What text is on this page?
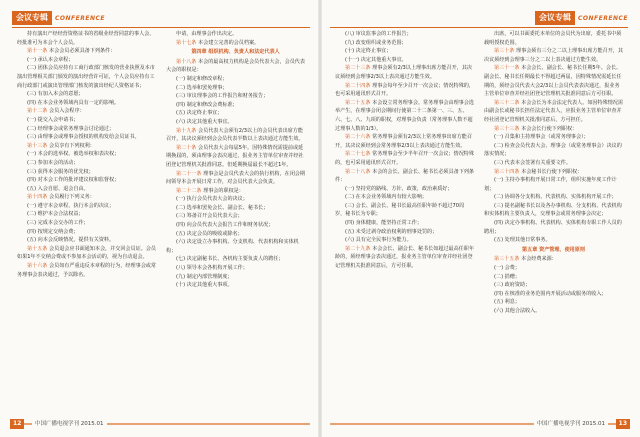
会议专辑	CONFERENCE

持有演出产经经营资格证书的省级业经营同意的事人会、经批准可为本会个人会员。

第十一条 本会会员必须具备下列条件：

(一) 承认本会章程；

(二) 团体会员应持有工商行政部门核发的营业执照及本市演出管理相关部门颁发的演出经营许可证，个人会员应持有工商行政部门或演出管理部门核发的演出经纪人资格证书；

(三) 有加入本会的意愿；

(四) 在本会业务领域内具有一定的影响。

第十二条 会员入会程序：

(一) 提交入会申请书；

(二) 经理事会或常务理事会讨论通过；

(三) 由理事会或理事会授权的机构发给会员证书。

第十三条 会员享有下列权利：

(一) 本会的选举权、被选举权和表决权；

(二) 参加本会的活动；

(三) 获得本会服务的优先权；

(四) 对本会工作的批评建议权和监督权；

(五) 入会自愿、退会自由。

第十四条 会员履行下列义务：

(一) 遵守本会章程，执行本会的决议；

(二) 维护本会合法权益；

(三) 完成本会交办的工作；

(四) 按规定交纳会费；

(五) 向本会反映情况，提供有关资料。

第十五条 会员退会应书面通知本会，并交回会员证。会员如果1年不交纳会费或不参加本会活动的，视为自动退会。

第十六条 会员如有严重违反本章程的行为，经理事会或常务理事会表决通过，予以除名。

申请，由理事会作出决定。

第十七条 本会建立完善的会员档案。

第四章 组织机构、负责人和法定代表人

第十八条 本会的最高权力机构是会员代表大会，会员代表大会的职权是：

(一) 制定和修改章程；

(二) 选举和罢免理事；

(三) 审议理事会的工作报告和财务报告；

(四) 制定和修改会费标准；

(五) 决定终止事宜；

(六) 决定其他重大事宜。

第十九条 会员代表大会须有2/3以上的会员代表出席方能召开，其决议须经到会会员代表半数以上表决通过方能生效。

第二十条 会员代表大会每届5年。因特殊情况需提前或延期换届的，须由理事会表决通过，报业务主管单位审查并经社团登记管理机关批准同意。但延期换届最长不超过1年。

第二十一条 理事会是会员代表大会的执行机构，在闭会期间领导本会开展日常工作，对会员代表大会负责。

第二十二条 理事会的职权是：

(一) 执行会员代表大会的决议；

(二) 选举和罢免会长、副会长、秘书长；

(三) 筹备召开会员代表大会；

(四) 向会员代表大会报告工作和财务状况；

(五) 决定会员的吸收或除名；

(六) 决定设立办事机构、分支机构、代表机构和实体机构；

(七) 决定副秘书长、各机构主要负责人的聘任；

(八) 领导本会各机构开展工作；

(九) 制定内部管理制度；

(十) 决定其他重大事项。

12	中国广播电视学刊 2015.01
会议专辑	CONFERENCE

(八) 审议监事会的工作报告；

(九) 改变组织或业务范围；

(十) 决定终止事宜；

(十一) 决定其他重大事宜。

第二十三条 理事会须有2/3以上理事出席方能召开，其决议须经到会理事2/3以上表决通过方能生效。

第二十四条 理事会每年至少召开一次会议；情况特殊的，也可采用通讯形式召开。

第二十五条 本会设立常务理事会。常务理事会由理事会选举产生，在理事会闭会期间行使第二十二条第一、三、五、六、七、八、九项的职权，对理事会负责（常务理事人数不超过理事人数的1/3）。

第二十六条 常务理事会须有2/3以上常务理事出席方能召开，其决议须经到会常务理事2/3以上表决通过方能生效。

第二十七条 常务理事会至少半年召开一次会议；情况特殊的，也可采用通讯形式召开。

第二十八条 本会的会长、副会长、秘书长必须具备下列条件：

(一) 坚持党的路线、方针、政策，政治素质好；

(二) 在本会业务领域内有较大影响；

(三) 会长、副会长、秘书长最高任职年龄不超过70周岁，秘书长为专职；

(四) 身体健康，能坚持正常工作；

(五) 未受过剥夺政治权利的刑事处罚的；

(六) 具有完全民事行为能力。

第二十九条 本会会长、副会长、秘书长如超过最高任职年龄的，须经理事会表决通过，报业务主管单位审查并经社团登记管理机关批准同意后，方可任职。

出席，可以书面委托本单位的会员代为出席，委托书中须载明授权范围。

第三十条 理事会须有三分之二以上理事出席方能召开，其决议须经到会理事三分之二以上表决通过方能生效。

第三十一条 本会会长、副会长、秘书长任期5年。会长、副会长、秘书长任期最长不得超过两届，因特殊情况需延长任期的，须经会员代表大会2/3以上会员代表表决通过，报业务主管单位审查并经社团登记管理机关批准同意后方可任职。

第三十二条 本会会长为本会法定代表人。如因特殊情况需由副会长或秘书长担任法定代表人，应报业务主管单位审查并经社团登记管理机关批准同意后，方可担任。

第三十三条 本会会长行使下列职权：

(一) 召集和主持理事会（或常务理事会）；

(二) 检查会员代表大会、理事会（或常务理事会）决议的落实情况；

(三) 代表本会签署有关重要文件。

第三十四条 本会秘书长行使下列职权：

(一) 主持办事机构开展日常工作，组织实施年度工作计划；

(二) 协调各分支机构、代表机构、实体机构开展工作；

(三) 提名副秘书长以及各办事机构、分支机构、代表机构和实体机构主要负责人，交理事会或常务理事会决定；

(四) 决定办事机构、代表机构、实体机构专职工作人员的聘用；

(五) 处理其他日常事务。

第五章 资产管理、使用原则

第三十五条 本会经费来源：

(一) 会费；

(二) 捐赠；

(三) 政府资助；

(四) 在核准的业务范围内开展活动或服务的收入；

(五) 利息；

(六) 其他合法收入。

13
中国广播电视学刊 2015.01
